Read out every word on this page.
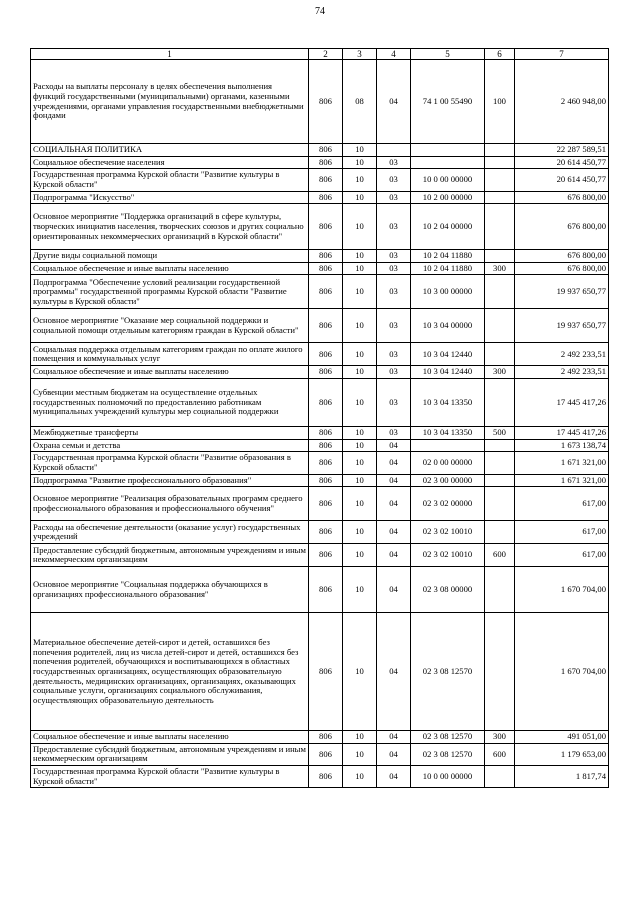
74
1	2	3	4	5	6	7
Расходы на выплаты персоналу в целях обеспечения выполнения функций государственными (муниципальными) органами, казенными учреждениями, органами управления государственными внебюджетными фондами	806	08	04	74 1 00 55490	100	2 460 948,00
СОЦИАЛЬНАЯ ПОЛИТИКА	806	10				22 287 589,51
Социальное обеспечение населения	806	10	03			20 614 450,77
Государственная программа Курской области "Развитие культуры в Курской области"	806	10	03	10 0 00 00000		20 614 450,77
Подпрограмма "Искусство"	806	10	03	10 2 00 00000		676 800,00
Основное мероприятие "Поддержка организаций в сфере культуры, творческих инициатив населения, творческих союзов и других социально ориентированных некоммерческих организаций в Курской области"	806	10	03	10 2 04 00000		676 800,00
Другие виды социальной помощи	806	10	03	10 2 04 11880		676 800,00
Социальное обеспечение и иные выплаты населению	806	10	03	10 2 04 11880	300	676 800,00
Подпрограмма "Обеспечение условий реализации государственной программы" государственной программы Курской области "Развитие культуры в Курской области"	806	10	03	10 3 00 00000		19 937 650,77
Основное мероприятие "Оказание мер социальной поддержки и социальной помощи отдельным категориям граждан в Курской области"	806	10	03	10 3 04 00000		19 937 650,77
Социальная поддержка отдельным категориям граждан по оплате жилого помещения и коммунальных услуг	806	10	03	10 3 04 12440		2 492 233,51
Социальное обеспечение и иные выплаты населению	806	10	03	10 3 04 12440	300	2 492 233,51
Субвенции местным бюджетам на осуществление отдельных государственных полномочий по предоставлению работникам муниципальных учреждений культуры мер социальной поддержки	806	10	03	10 3 04 13350		17 445 417,26
Межбюджетные трансферты	806	10	03	10 3 04 13350	500	17 445 417,26
Охрана семьи и детства	806	10	04			1 673 138,74
Государственная программа Курской области "Развитие образования в Курской области"	806	10	04	02 0 00 00000		1 671 321,00
Подпрограмма "Развитие профессионального образования"	806	10	04	02 3 00 00000		1 671 321,00
Основное мероприятие "Реализация образовательных программ среднего профессионального образования и профессионального обучения"	806	10	04	02 3 02 00000		617,00
Расходы на обеспечение деятельности (оказание услуг) государственных учреждений	806	10	04	02 3 02 10010		617,00
Предоставление субсидий бюджетным, автономным учреждениям и иным некоммерческим организациям	806	10	04	02 3 02 10010	600	617,00
Основное мероприятие "Социальная поддержка обучающихся в организациях профессионального образования"	806	10	04	02 3 08 00000		1 670 704,00
Материальное обеспечение детей-сирот и детей, оставшихся без попечения родителей, лиц из числа детей-сирот и детей, оставшихся без попечения родителей, обучающихся и воспитывающихся в областных государственных организациях, осуществляющих образовательную деятельность, медицинских организациях, организациях, оказывающих социальные услуги, организациях социального обслуживания, осуществляющих образовательную деятельность	806	10	04	02 3 08 12570		1 670 704,00
Социальное обеспечение и иные выплаты населению	806	10	04	02 3 08 12570	300	491 051,00
Предоставление субсидий бюджетным, автономным учреждениям и иным некоммерческим организациям	806	10	04	02 3 08 12570	600	1 179 653,00
Государственная программа Курской области "Развитие культуры в Курской области"	806	10	04	10 0 00 00000		1 817,74
